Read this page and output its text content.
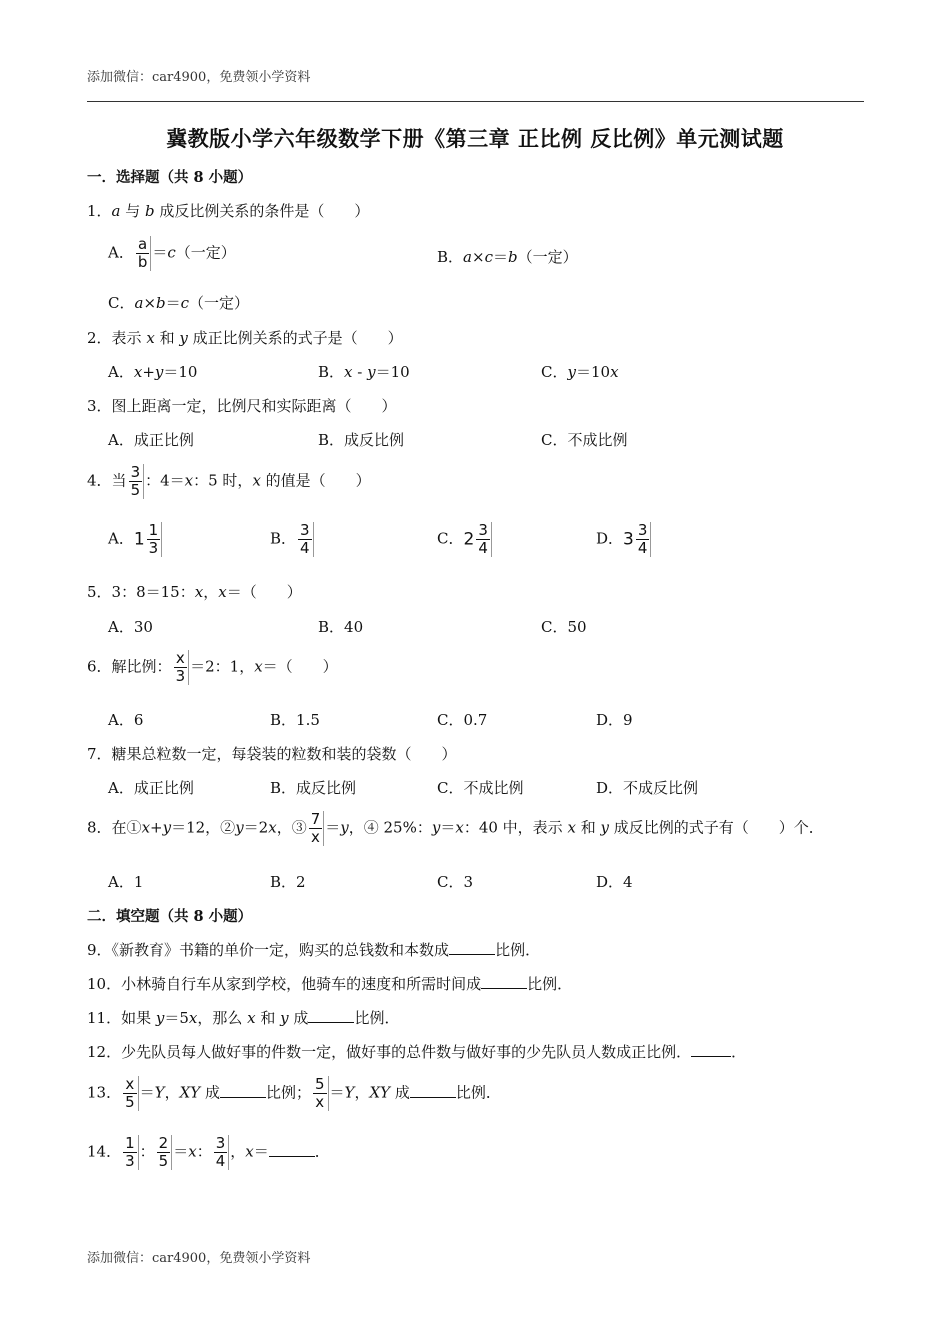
添加微信：car4900，免费领小学资料
冀教版小学六年级数学下册《第三章 正比例 反比例》单元测试题
一．选择题（共 8 小题）
1．a 与 b 成反比例关系的条件是（　　）
A． $\frac{a}{b} =c$（一定）	B．a×c＝b（一定）
C．a×b＝c（一定）
2．表示 x 和 y 成正比例关系的式子是（　　）
A．x+y＝10	B．x - y＝10	C．y＝10x
3．图上距离一定，比例尺和实际距离（　　）
A．成正比例	B．成反比例	C．不成比例
4．当 $\frac{3}{5}$ ：4＝x：5 时，x 的值是（　　）
A．$1 \frac{1}{3}$	B． $\frac{3}{4}$	C．$2 \frac{3}{4}$	D．$3 \frac{3}{4}$
5．3：8＝15：x，x＝（　　）
A．30	B．40	C．50
6．解比例： $\frac{x}{3} =2$：1，x＝（　　）
A．6	B．1.5	C．0.7	D．9
7．糖果总粒数一定，每袋装的粒数和装的袋数（　　）
A．成正比例	B．成反比例	C．不成比例	D．不成反比例
8．在①x+y＝12，②y＝2x，③ $\frac{7}{x} =y$，④ 25%：y＝x：40 中，表示 x 和 y 成反比例的式子有（　　）个．
A．1	B．2	C．3	D．4
二．填空题（共 8 小题）
9．《新教育》书籍的单价一定，购买的总钱数和本数成	比例．
10．小林骑自行车从家到学校，他骑车的速度和所需时间成	比例．
11．如果 y＝5x，那么 x 和 y 成	比例．
12．少先队员每人做好事的件数一定，做好事的总件数与做好事的少先队员人数成正比例．	．
13． $\frac{x}{5} =Y$，XY 成	比例； $\frac{5}{x} =Y$，XY 成	比例．
14． $\frac{1}{3}$ ： $\frac{2}{5} =x$： $\frac{3}{4}$ ，x＝	．
添加微信：car4900，免费领小学资料
